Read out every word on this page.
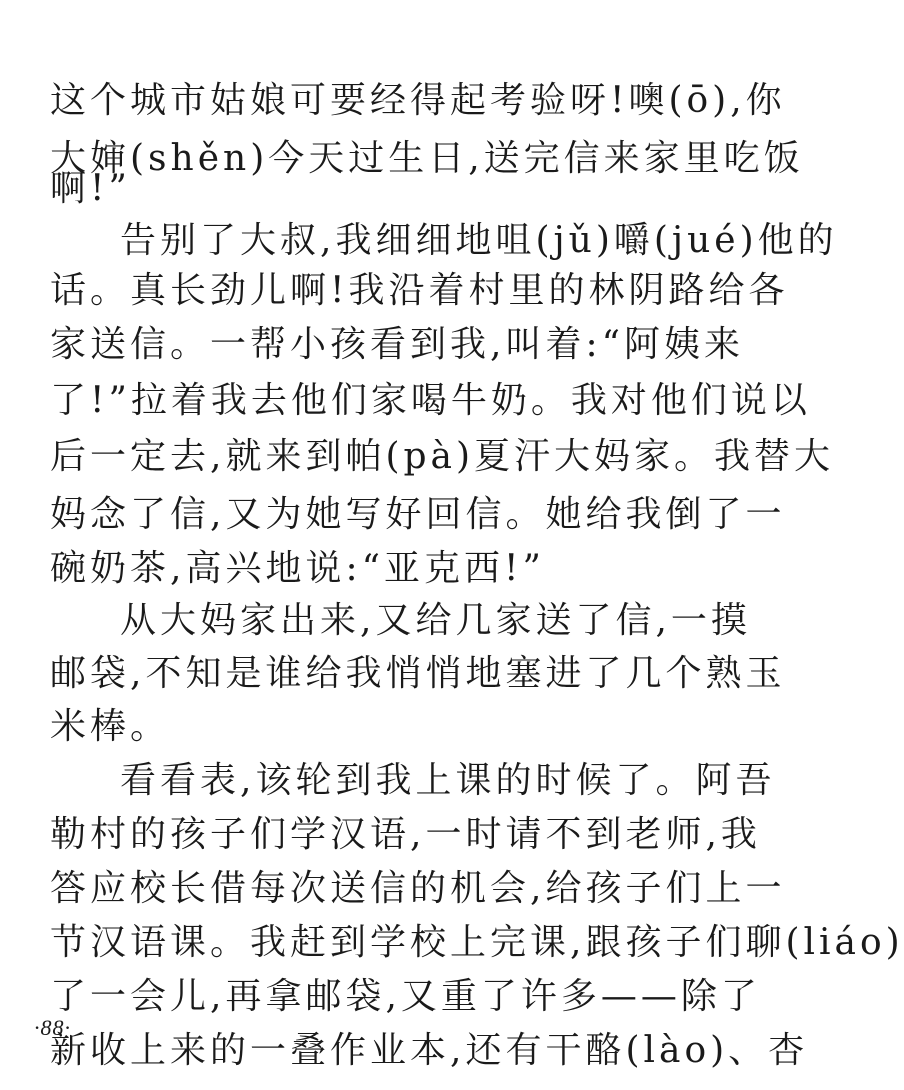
这个城市姑娘可要经得起考验呀!噢(ō),你
大婶(shěn)今天过生日,送完信来家里吃饭
啊!”
告别了大叔,我细细地咀(jǔ)嚼(jué)他的
话。真长劲儿啊!我沿着村里的林阴路给各
家送信。一帮小孩看到我,叫着:“阿姨来
了!”拉着我去他们家喝牛奶。我对他们说以
后一定去,就来到帕(pà)夏汗大妈家。我替大
妈念了信,又为她写好回信。她给我倒了一
碗奶茶,高兴地说:“亚克西!”
从大妈家出来,又给几家送了信,一摸
邮袋,不知是谁给我悄悄地塞进了几个熟玉
米棒。
看看表,该轮到我上课的时候了。阿吾
勒村的孩子们学汉语,一时请不到老师,我
答应校长借每次送信的机会,给孩子们上一
节汉语课。我赶到学校上完课,跟孩子们聊(liáo)
了一会儿,再拿邮袋,又重了许多——除了
新收上来的一叠作业本,还有干酪(lào)、杏
·88·
